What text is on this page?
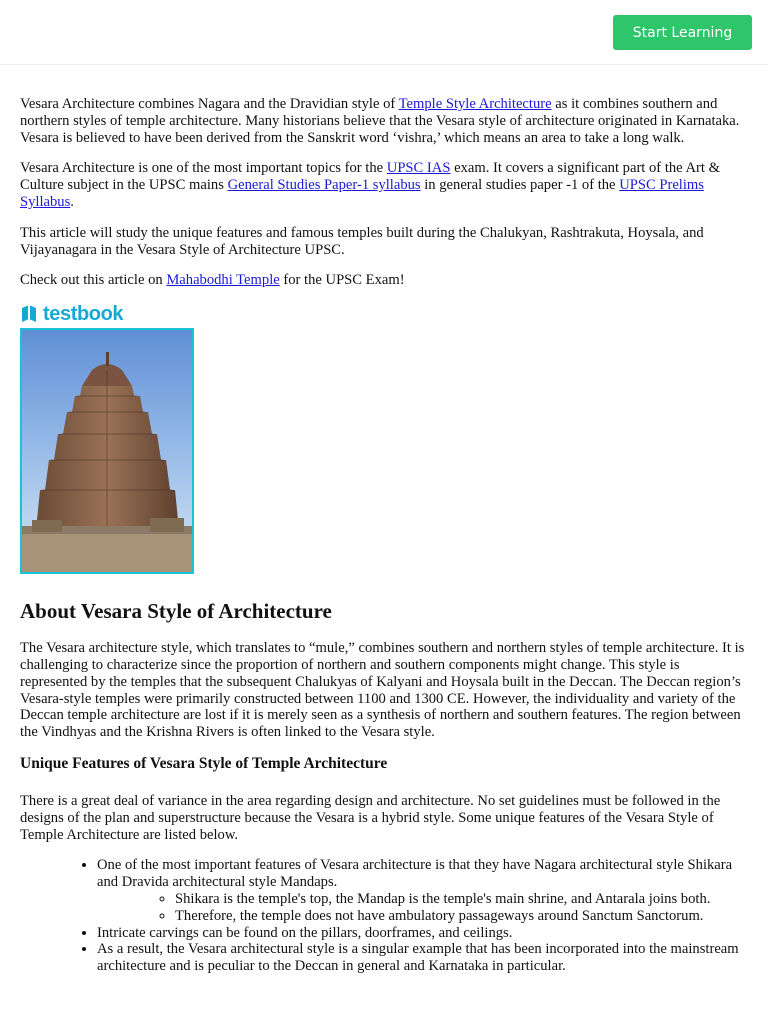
Start Learning

Vesara Architecture combines Nagara and the Dravidian style of Temple Style Architecture as it combines southern and northern styles of temple architecture. Many historians believe that the Vesara style of architecture originated in Karnataka. Vesara is believed to have been derived from the Sanskrit word ‘vishra,’ which means an area to take a long walk.

Vesara Architecture is one of the most important topics for the UPSC IAS exam. It covers a significant part of the Art & Culture subject in the UPSC mains General Studies Paper-1 syllabus in general studies paper -1 of the UPSC Prelims Syllabus.

This article will study the unique features and famous temples built during the Chalukyan, Rashtrakuta, Hoysala, and Vijayanagara in the Vesara Style of Architecture UPSC.

Check out this article on Mahabodhi Temple for the UPSC Exam!

testbook
About Vesara Style of Architecture

The Vesara architecture style, which translates to “mule,” combines southern and northern styles of temple architecture. It is challenging to characterize since the proportion of northern and southern components might change. This style is represented by the temples that the subsequent Chalukyas of Kalyani and Hoysala built in the Deccan. The Deccan region’s Vesara-style temples were primarily constructed between 1100 and 1300 CE. However, the individuality and variety of the Deccan temple architecture are lost if it is merely seen as a synthesis of northern and southern features. The region between the Vindhyas and the Krishna Rivers is often linked to the Vesara style.

Unique Features of Vesara Style of Temple Architecture

There is a great deal of variance in the area regarding design and architecture. No set guidelines must be followed in the designs of the plan and superstructure because the Vesara is a hybrid style. Some unique features of the Vesara Style of Temple Architecture are listed below.

• One of the most important features of Vesara architecture is that they have Nagara architectural style Shikara and Dravida architectural style Mandaps.
◦ Shikara is the temple's top, the Mandap is the temple's main shrine, and Antarala joins both.
◦ Therefore, the temple does not have ambulatory passageways around Sanctum Sanctorum.
• Intricate carvings can be found on the pillars, doorframes, and ceilings.
• As a result, the Vesara architectural style is a singular example that has been incorporated into the mainstream architecture and is peculiar to the Deccan in general and Karnataka in particular.
